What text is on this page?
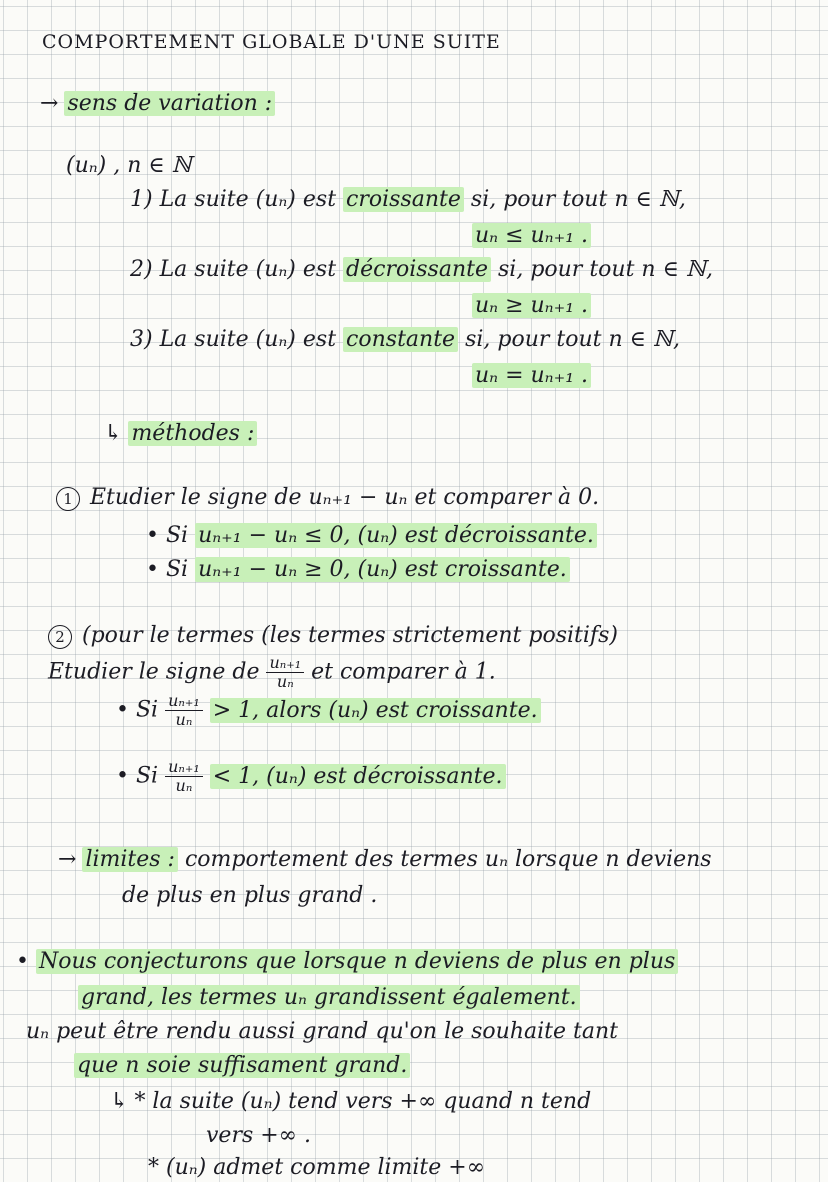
COMPORTEMENT GLOBALE D'UNE SUITE
→ sens de variation :
(uₙ) , n ∈ ℕ
1) La suite (uₙ) est croissante si, pour tout n ∈ ℕ,
uₙ ≤ uₙ₊₁ .
2) La suite (uₙ) est décroissante si, pour tout n ∈ ℕ,
uₙ ≥ uₙ₊₁ .
3) La suite (uₙ) est constante si, pour tout n ∈ ℕ,
uₙ = uₙ₊₁ .
↳ méthodes :
1 Etudier le signe de uₙ₊₁ − uₙ et comparer à 0.
• Si uₙ₊₁ − uₙ ≤ 0, (uₙ) est décroissante.
• Si uₙ₊₁ − uₙ ≥ 0, (uₙ) est croissante.
2 (pour le termes (les termes strictement positifs)
Etudier le signe de $\frac{\text{uₙ₊₁}}{\text{uₙ}}$ et comparer à 1.
• Si $\frac{\text{uₙ₊₁}}{\text{uₙ}} > 1$, alors (uₙ) est croissante.
• Si $\frac{\text{uₙ₊₁}}{\text{uₙ}} < 1$, (uₙ) est décroissante.
→ limites : comportement des termes uₙ lorsque n deviens
de plus en plus grand .
• Nous conjecturons que lorsque n deviens de plus en plus
grand, les termes uₙ grandissent également.
uₙ peut être rendu aussi grand qu'on le souhaite tant
que n soie suffisament grand.
↳ * la suite (uₙ) tend vers +∞ quand n tend
vers +∞ .
* (uₙ) admet comme limite +∞
